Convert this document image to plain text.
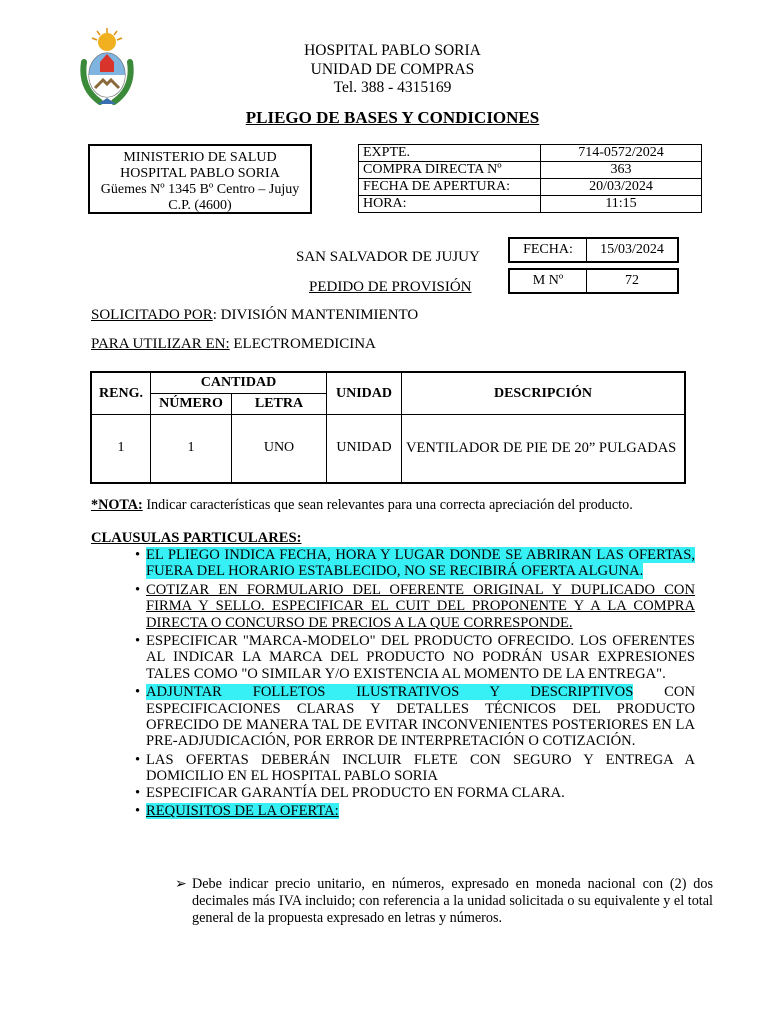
HOSPITAL PABLO SORIA
UNIDAD DE COMPRAS
Tel. 388 - 4315169
PLIEGO DE BASES Y CONDICIONES
MINISTERIO DE SALUD
HOSPITAL PABLO SORIA
Güemes Nº 1345 Bº Centro – Jujuy
C.P. (4600)
EXPTE.	714-0572/2024
COMPRA DIRECTA Nº	363
FECHA DE APERTURA:	20/03/2024
HORA:	11:15
SAN SALVADOR DE JUJUY
PEDIDO DE PROVISIÓN
FECHA:	15/03/2024
M Nº	72
SOLICITADO POR: DIVISIÓN MANTENIMIENTO
PARA UTILIZAR EN: ELECTROMEDICINA
RENG.	CANTIDAD		UNIDAD	DESCRIPCIÓN
	NÚMERO	LETRA		
1	1	UNO	UNIDAD	VENTILADOR DE PIE DE 20” PULGADAS
*NOTA: Indicar características que sean relevantes para una correcta apreciación del producto.
CLAUSULAS PARTICULARES:
• EL PLIEGO INDICA FECHA, HORA Y LUGAR DONDE SE ABRIRAN LAS OFERTAS, FUERA DEL HORARIO ESTABLECIDO, NO SE RECIBIRÁ OFERTA ALGUNA.
• COTIZAR EN FORMULARIO DEL OFERENTE ORIGINAL Y DUPLICADO CON FIRMA Y SELLO. ESPECIFICAR EL CUIT DEL PROPONENTE Y A LA COMPRA DIRECTA O CONCURSO DE PRECIOS A LA QUE CORRESPONDE.
• ESPECIFICAR "MARCA-MODELO" DEL PRODUCTO OFRECIDO. LOS OFERENTES AL INDICAR LA MARCA DEL PRODUCTO NO PODRÁN USAR EXPRESIONES TALES COMO "O SIMILAR Y/O EXISTENCIA AL MOMENTO DE LA ENTREGA".
• ADJUNTAR FOLLETOS ILUSTRATIVOS Y DESCRIPTIVOS CON ESPECIFICACIONES CLARAS Y DETALLES TÉCNICOS DEL PRODUCTO OFRECIDO DE MANERA TAL DE EVITAR INCONVENIENTES POSTERIORES EN LA PRE-ADJUDICACIÓN, POR ERROR DE INTERPRETACIÓN O COTIZACIÓN.
• LAS OFERTAS DEBERÁN INCLUIR FLETE CON SEGURO Y ENTREGA A DOMICILIO EN EL HOSPITAL PABLO SORIA
• ESPECIFICAR GARANTÍA DEL PRODUCTO EN FORMA CLARA.
• REQUISITOS DE LA OFERTA:
➢ Debe indicar precio unitario, en números, expresado en moneda nacional con (2) dos decimales más IVA incluido; con referencia a la unidad solicitada o su equivalente y el total general de la propuesta expresado en letras y números.
